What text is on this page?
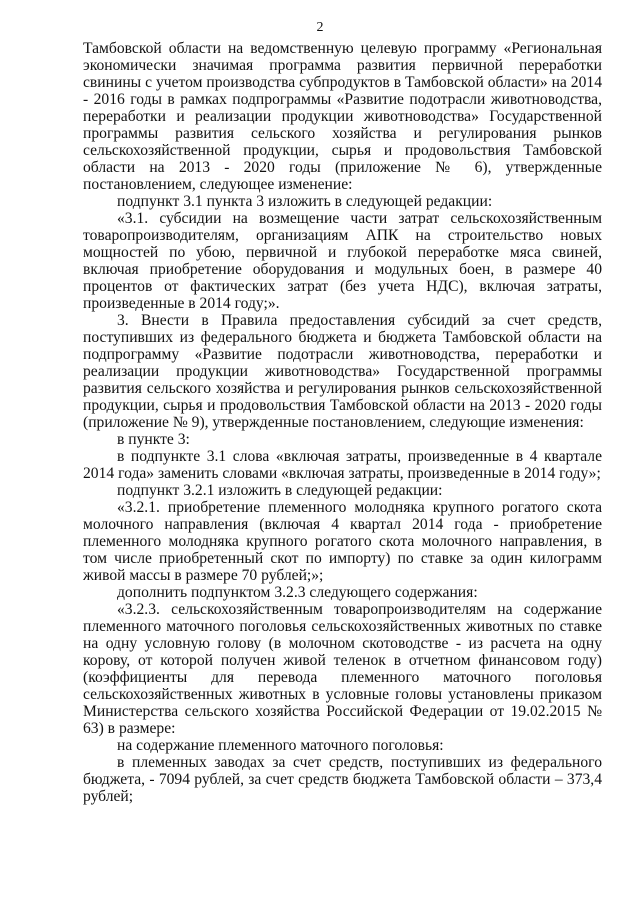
2

Тамбовской области на ведомственную целевую программу «Региональная экономически значимая программа развития первичной переработки свинины с учетом производства субпродуктов в Тамбовской области» на 2014 - 2016 годы в рамках подпрограммы «Развитие подотрасли животноводства, переработки и реализации продукции животноводства» Государственной программы развития сельского хозяйства и регулирования рынков сельскохозяйственной продукции, сырья и продовольствия Тамбовской области на 2013 - 2020 годы (приложение № 6), утвержденные постановлением, следующее изменение:

подпункт 3.1 пункта 3 изложить в следующей редакции:

«3.1. субсидии на возмещение части затрат сельскохозяйственным товаропроизводителям, организациям АПК на строительство новых мощностей по убою, первичной и глубокой переработке мяса свиней, включая приобретение оборудования и модульных боен, в размере 40 процентов от фактических затрат (без учета НДС), включая затраты, произведенные в 2014 году;».

3. Внести в Правила предоставления субсидий за счет средств, поступивших из федерального бюджета и бюджета Тамбовской области на подпрограмму «Развитие подотрасли животноводства, переработки и реализации продукции животноводства» Государственной программы развития сельского хозяйства и регулирования рынков сельскохозяйственной продукции, сырья и продовольствия Тамбовской области на 2013 - 2020 годы (приложение № 9), утвержденные постановлением, следующие изменения:

в пункте 3:

в подпункте 3.1 слова «включая затраты, произведенные в 4 квартале 2014 года» заменить словами «включая затраты, произведенные в 2014 году»;

подпункт 3.2.1 изложить в следующей редакции:

«3.2.1. приобретение племенного молодняка крупного рогатого скота молочного направления (включая 4 квартал 2014 года - приобретение племенного молодняка крупного рогатого скота молочного направления, в том числе приобретенный скот по импорту) по ставке за один килограмм живой массы в размере 70 рублей;»;

дополнить подпунктом 3.2.3 следующего содержания:

«3.2.3. сельскохозяйственным товаропроизводителям на содержание племенного маточного поголовья сельскохозяйственных животных по ставке на одну условную голову (в молочном скотоводстве - из расчета на одну корову, от которой получен живой теленок в отчетном финансовом году) (коэффициенты для перевода племенного маточного поголовья сельскохозяйственных животных в условные головы установлены приказом Министерства сельского хозяйства Российской Федерации от 19.02.2015 № 63) в размере:

на содержание племенного маточного поголовья:

в племенных заводах за счет средств, поступивших из федерального бюджета, - 7094 рублей, за счет средств бюджета Тамбовской области – 373,4 рублей;
